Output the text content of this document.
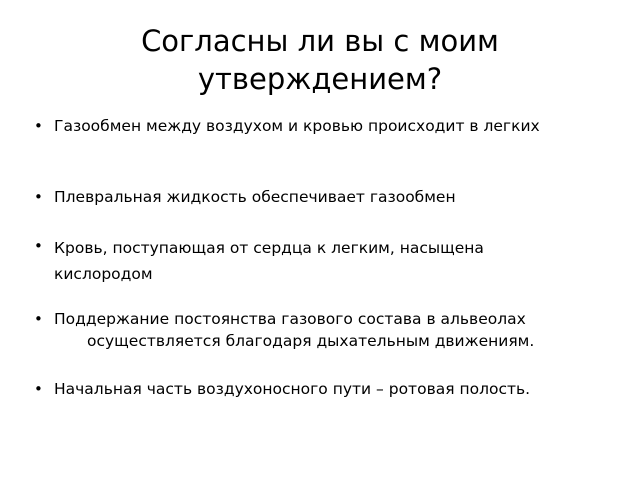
Согласны ли вы с моим утверждением?
• Газообмен между воздухом и кровью происходит в легких
• Плевральная жидкость обеспечивает газообмен
• Кровь, поступающая от сердца к легким, насыщена кислородом
• Поддержание постоянства газового состава в альвеолах осуществляется благодаря дыхательным движениям.
• Начальная часть воздухоносного пути – ротовая полость.
